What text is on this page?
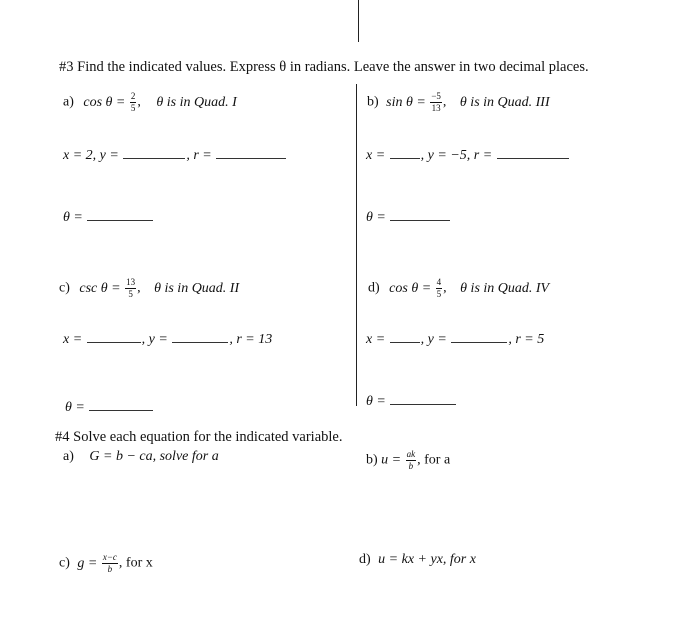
#3 Find the indicated values. Express θ in radians. Leave the answer in two decimal places.
a) $\cos \theta = \frac{2}{5}$ , θ is in Quad. I
x = 2, y =	, r =
θ =
b) $\sin \theta = \frac{-5}{13}$ , θ is in Quad. III
x =	, y = −5, r =
θ =
c) $\csc \theta = \frac{13}{5}$ , θ is in Quad. II
x =	, y =	, r = 13
θ =
d) $\cos \theta = \frac{4}{5}$ , θ is in Quad. IV
x =	, y =	, r = 5
θ =
#4 Solve each equation for the indicated variable.
a) G = b − ca, solve for a	b) $u = \frac{ak}{b}$ , for a
c) $g = \frac{x-c}{b}$ , for x	d) u = kx + yx, for x
